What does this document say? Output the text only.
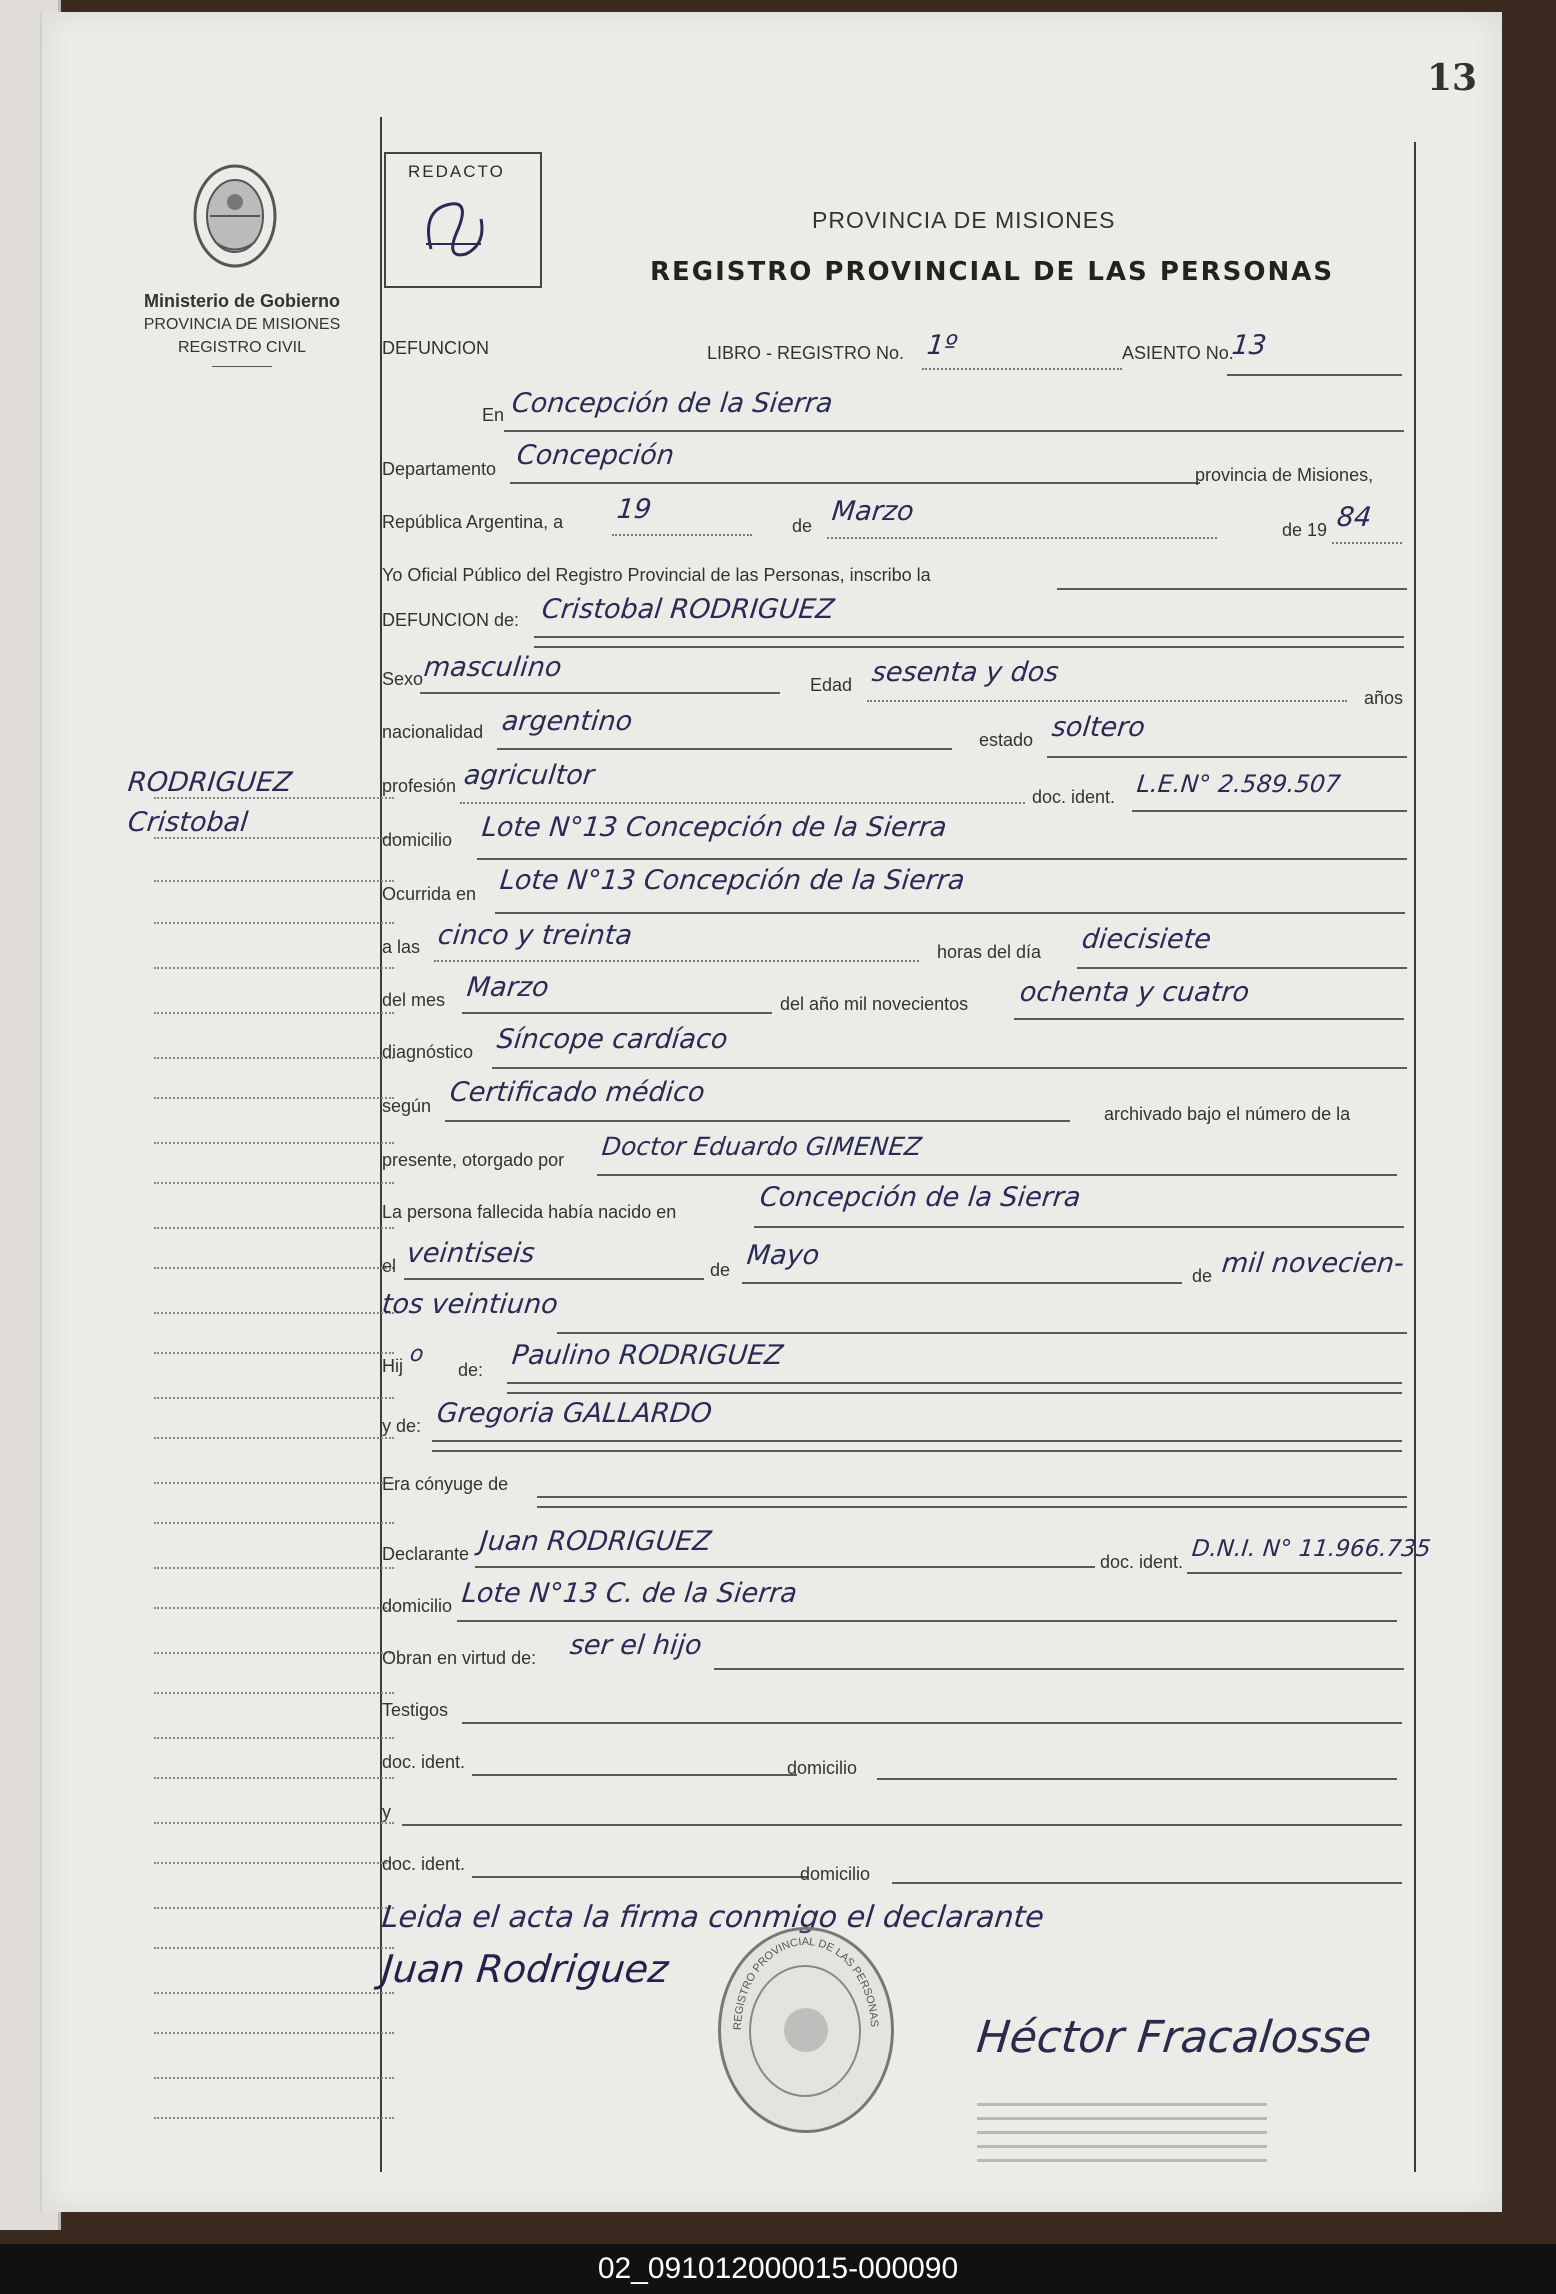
13
Ministerio de Gobierno
PROVINCIA DE MISIONES
REGISTRO CIVIL
REDACTO
PROVINCIA DE MISIONES
REGISTRO PROVINCIAL DE LAS PERSONAS
RODRIGUEZ
Cristobal
DEFUNCION	LIBRO - REGISTRO No. 1º	ASIENTO No.
13
En Concepción de la Sierra
Departamento Concepción
provincia de Misiones,
República Argentina, a 19
de Marzo
de 19 84
Yo Oficial Público del Registro Provincial de las Personas, inscribo la
DEFUNCION de: Cristobal RODRIGUEZ
Sexo masculino
Edad sesenta y dos
años
nacionalidad argentino
estado soltero
profesión agricultor
doc. ident. L.E.N° 2.589.507
domicilio Lote N°13 Concepción de la Sierra
Ocurrida en Lote N°13 Concepción de la Sierra
a las cinco y treinta
horas del día diecisiete
del mes Marzo
del año mil novecientos ochenta y cuatro
diagnóstico Síncope cardíaco
según Certificado médico
archivado bajo el número de la
presente, otorgado por Doctor Eduardo GIMENEZ
La persona fallecida había nacido en	Concepción de la Sierra
el veintiseis
de Mayo
de mil novecien-
tos veintiuno
Hij o
de: Paulino RODRIGUEZ
y de: Gregoria GALLARDO
Era cónyuge de
Declarante Juan RODRIGUEZ
doc. ident. D.N.I. N° 11.966.735
domicilio Lote N°13 C. de la Sierra
Obran en virtud de: ser el hijo
Testigos
doc. ident.	domicilio
y
doc. ident.	domicilio
Leida el acta la firma conmigo el declarante
Juan Rodriguez
REGISTRO PROVINCIAL DE LAS PERSONAS Héctor Fracalosse
02_091012000015-000090
